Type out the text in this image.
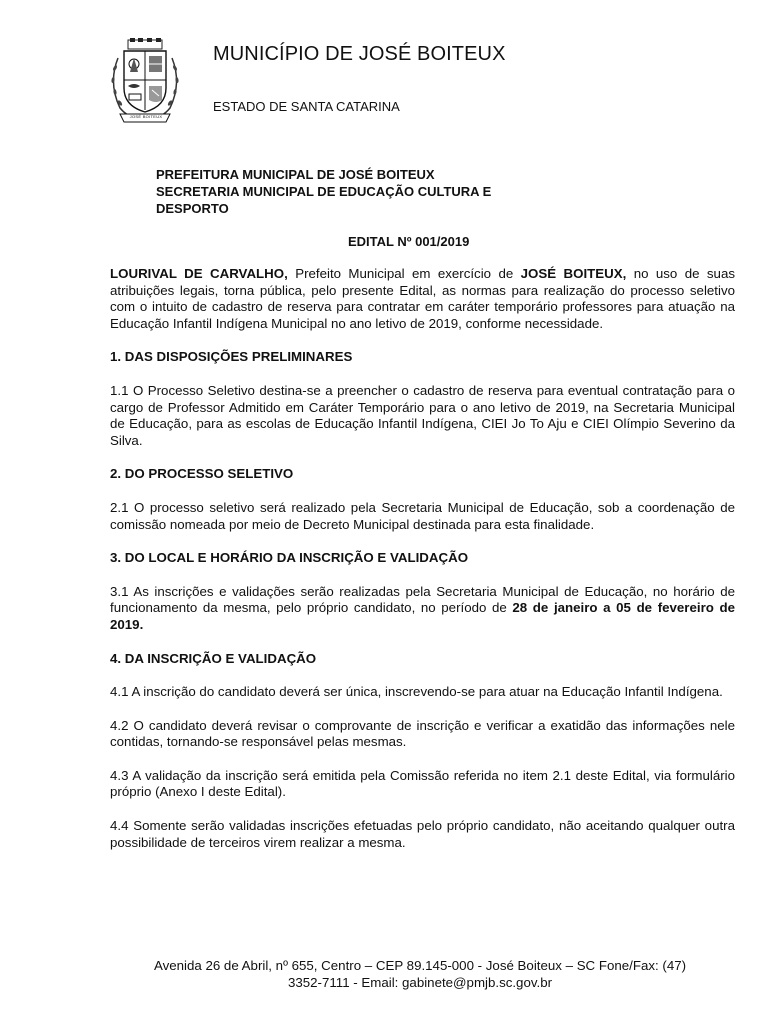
JOSÉ BOITEUX
MUNICÍPIO DE JOSÉ BOITEUX
ESTADO DE SANTA CATARINA
PREFEITURA MUNICIPAL DE JOSÉ BOITEUX
SECRETARIA MUNICIPAL DE EDUCAÇÃO CULTURA E
DESPORTO
EDITAL Nº 001/2019

LOURIVAL DE CARVALHO, Prefeito Municipal em exercício de JOSÉ BOITEUX, no uso de suas atribuições legais, torna pública, pelo presente Edital, as normas para realização do processo seletivo com o intuito de cadastro de reserva para contratar em caráter temporário professores para atuação na Educação Infantil Indígena Municipal no ano letivo de 2019, conforme necessidade.

1. DAS DISPOSIÇÕES PRELIMINARES

1.1 O Processo Seletivo destina-se a preencher o cadastro de reserva para eventual contratação para o cargo de Professor Admitido em Caráter Temporário para o ano letivo de 2019, na Secretaria Municipal de Educação, para as escolas de Educação Infantil Indígena, CIEI Jo To Aju e CIEI Olímpio Severino da Silva.

2. DO PROCESSO SELETIVO

2.1 O processo seletivo será realizado pela Secretaria Municipal de Educação, sob a coordenação de comissão nomeada por meio de Decreto Municipal destinada para esta finalidade.

3. DO LOCAL E HORÁRIO DA INSCRIÇÃO E VALIDAÇÃO

3.1 As inscrições e validações serão realizadas pela Secretaria Municipal de Educação, no horário de funcionamento da mesma, pelo próprio candidato, no período de 28 de janeiro a 05 de fevereiro de 2019.

4. DA INSCRIÇÃO E VALIDAÇÃO

4.1 A inscrição do candidato deverá ser única, inscrevendo-se para atuar na Educação Infantil Indígena.

4.2 O candidato deverá revisar o comprovante de inscrição e verificar a exatidão das informações nele contidas, tornando-se responsável pelas mesmas.

4.3 A validação da inscrição será emitida pela Comissão referida no item 2.1 deste Edital, via formulário próprio (Anexo I deste Edital).

4.4 Somente serão validadas inscrições efetuadas pelo próprio candidato, não aceitando qualquer outra possibilidade de terceiros virem realizar a mesma.

Avenida 26 de Abril, nº 655, Centro – CEP 89.145-000 - José Boiteux – SC Fone/Fax: (47)
3352-7111 - Email: gabinete@pmjb.sc.gov.br
